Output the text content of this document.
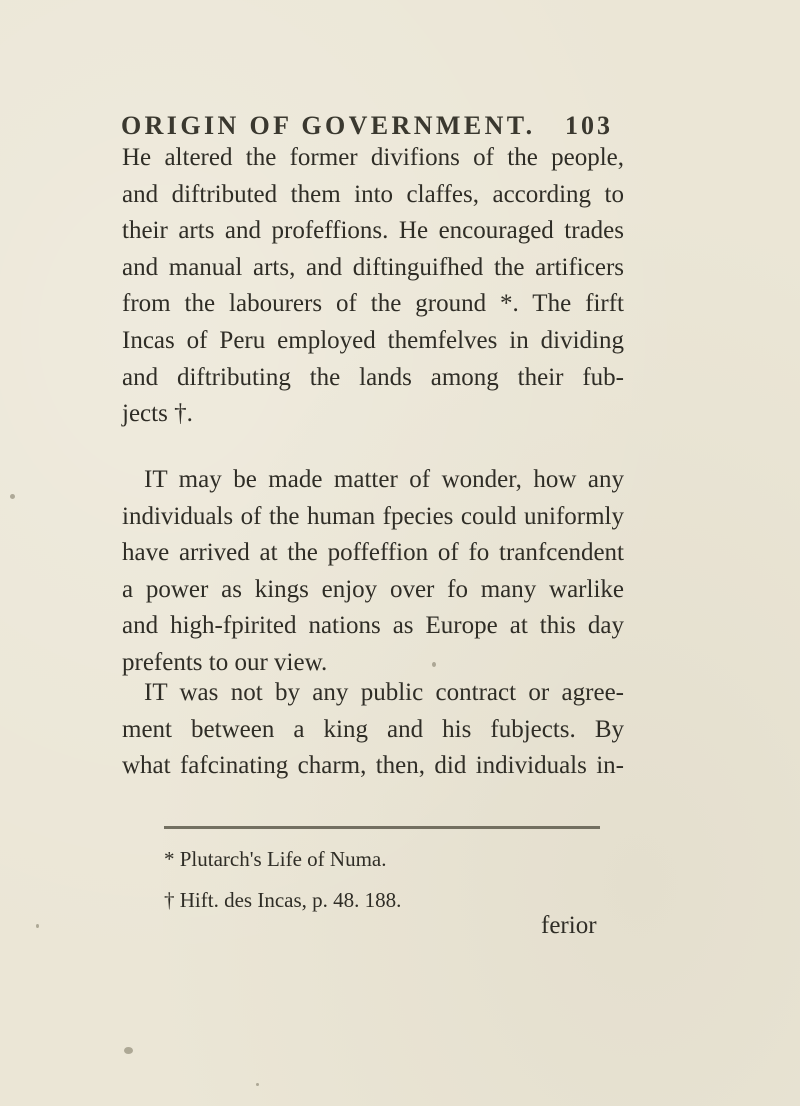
ORIGIN OF GOVERNMENT. 103
He altered the former divifions of the people,
and diftributed them into claffes, according to
their arts and profeffions. He encouraged trades
and manual arts, and diftinguifhed the artificers
from the labourers of the ground *. The firft
Incas of Peru employed themfelves in dividing
and diftributing the lands among their fub-
jects †.
IT may be made matter of wonder, how any
individuals of the human fpecies could uniformly
have arrived at the poffeffion of fo tranfcendent
a power as kings enjoy over fo many warlike
and high-fpirited nations as Europe at this day
prefents to our view.
IT was not by any public contract or agree-
ment between a king and his fubjects. By
what fafcinating charm, then, did individuals in-
* Plutarch's Life of Numa.
† Hift. des Incas, p. 48. 188.
ferior
